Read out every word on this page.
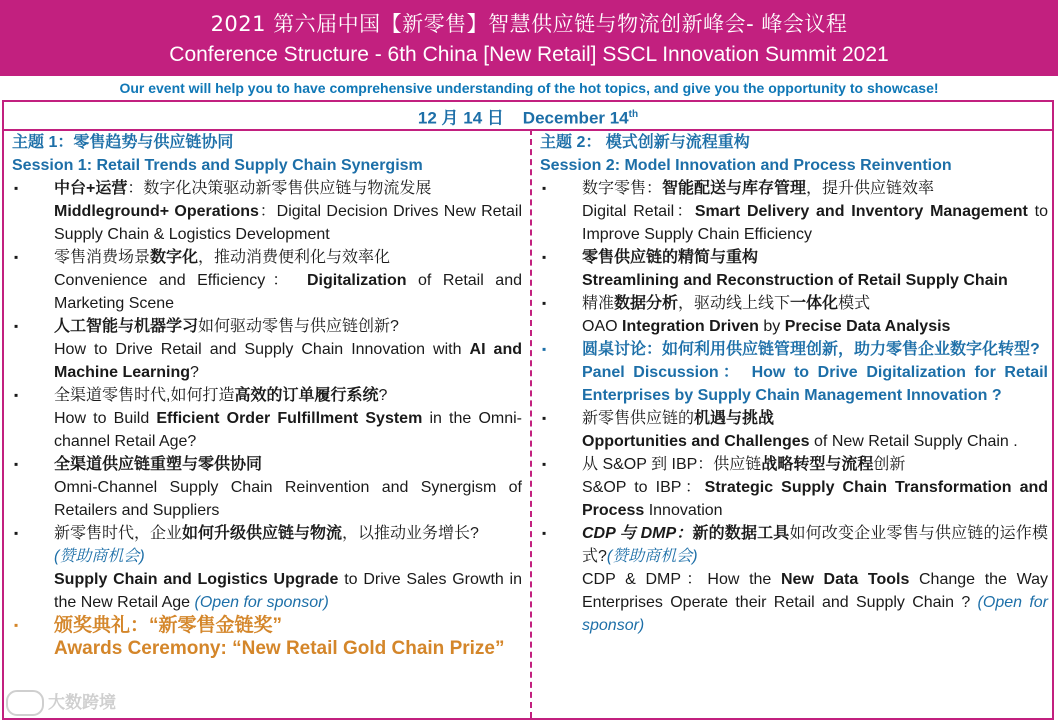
2021 第六届中国【新零售】智慧供应链与物流创新峰会- 峰会议程
Conference Structure - 6th China [New Retail] SSCL Innovation Summit 2021
Our event will help you to have comprehensive understanding of the hot topics, and give you the opportunity to showcase!
12 月 14 日 December 14th
主题 1：零售趋势与供应链协同
Session 1: Retail Trends and Supply Chain Synergism
▪ 中台+运营：数字化决策驱动新零售供应链与物流发展
Middleground+ Operations：Digital Decision Drives New Retail Supply Chain & Logistics Development
▪ 零售消费场景数字化，推动消费便利化与效率化
Convenience and Efficiency： Digitalization of Retail and Marketing Scene
▪ 人工智能与机器学习如何驱动零售与供应链创新?
How to Drive Retail and Supply Chain Innovation with AI and Machine Learning?
▪ 全渠道零售时代,如何打造高效的订单履行系统?
How to Build Efficient Order Fulfillment System in the Omni-channel Retail Age?
▪ 全渠道供应链重塑与零供协同
Omni-Channel Supply Chain Reinvention and Synergism of Retailers and Suppliers
▪ 新零售时代，企业如何升级供应链与物流，以推动业务增长?
(赞助商机会)
Supply Chain and Logistics Upgrade to Drive Sales Growth in the New Retail Age (Open for sponsor)
▪ 颁奖典礼：“新零售金链奖”
Awards Ceremony: “New Retail Gold Chain Prize”
主题 2： 模式创新与流程重构
Session 2: Model Innovation and Process Reinvention
▪ 数字零售：智能配送与库存管理，提升供应链效率
Digital Retail：Smart Delivery and Inventory Management to Improve Supply Chain Efficiency
▪ 零售供应链的精简与重构
Streamlining and Reconstruction of Retail Supply Chain
▪ 精准数据分析，驱动线上线下一体化模式
OAO Integration Driven by Precise Data Analysis
▪ 圆桌讨论：如何利用供应链管理创新，助力零售企业数字化转型?
Panel Discussion： How to Drive Digitalization for Retail Enterprises by Supply Chain Management Innovation ?
▪ 新零售供应链的机遇与挑战
Opportunities and Challenges of New Retail Supply Chain .
▪ 从 S&OP 到 IBP：供应链战略转型与流程创新
S&OP to IBP：Strategic Supply Chain Transformation and Process Innovation
▪ CDP 与 DMP：新的数据工具如何改变企业零售与供应链的运作模式?(赞助商机会)
CDP & DMP：How the New Data Tools Change the Way Enterprises Operate their Retail and Supply Chain ? (Open for sponsor)
大数跨境
